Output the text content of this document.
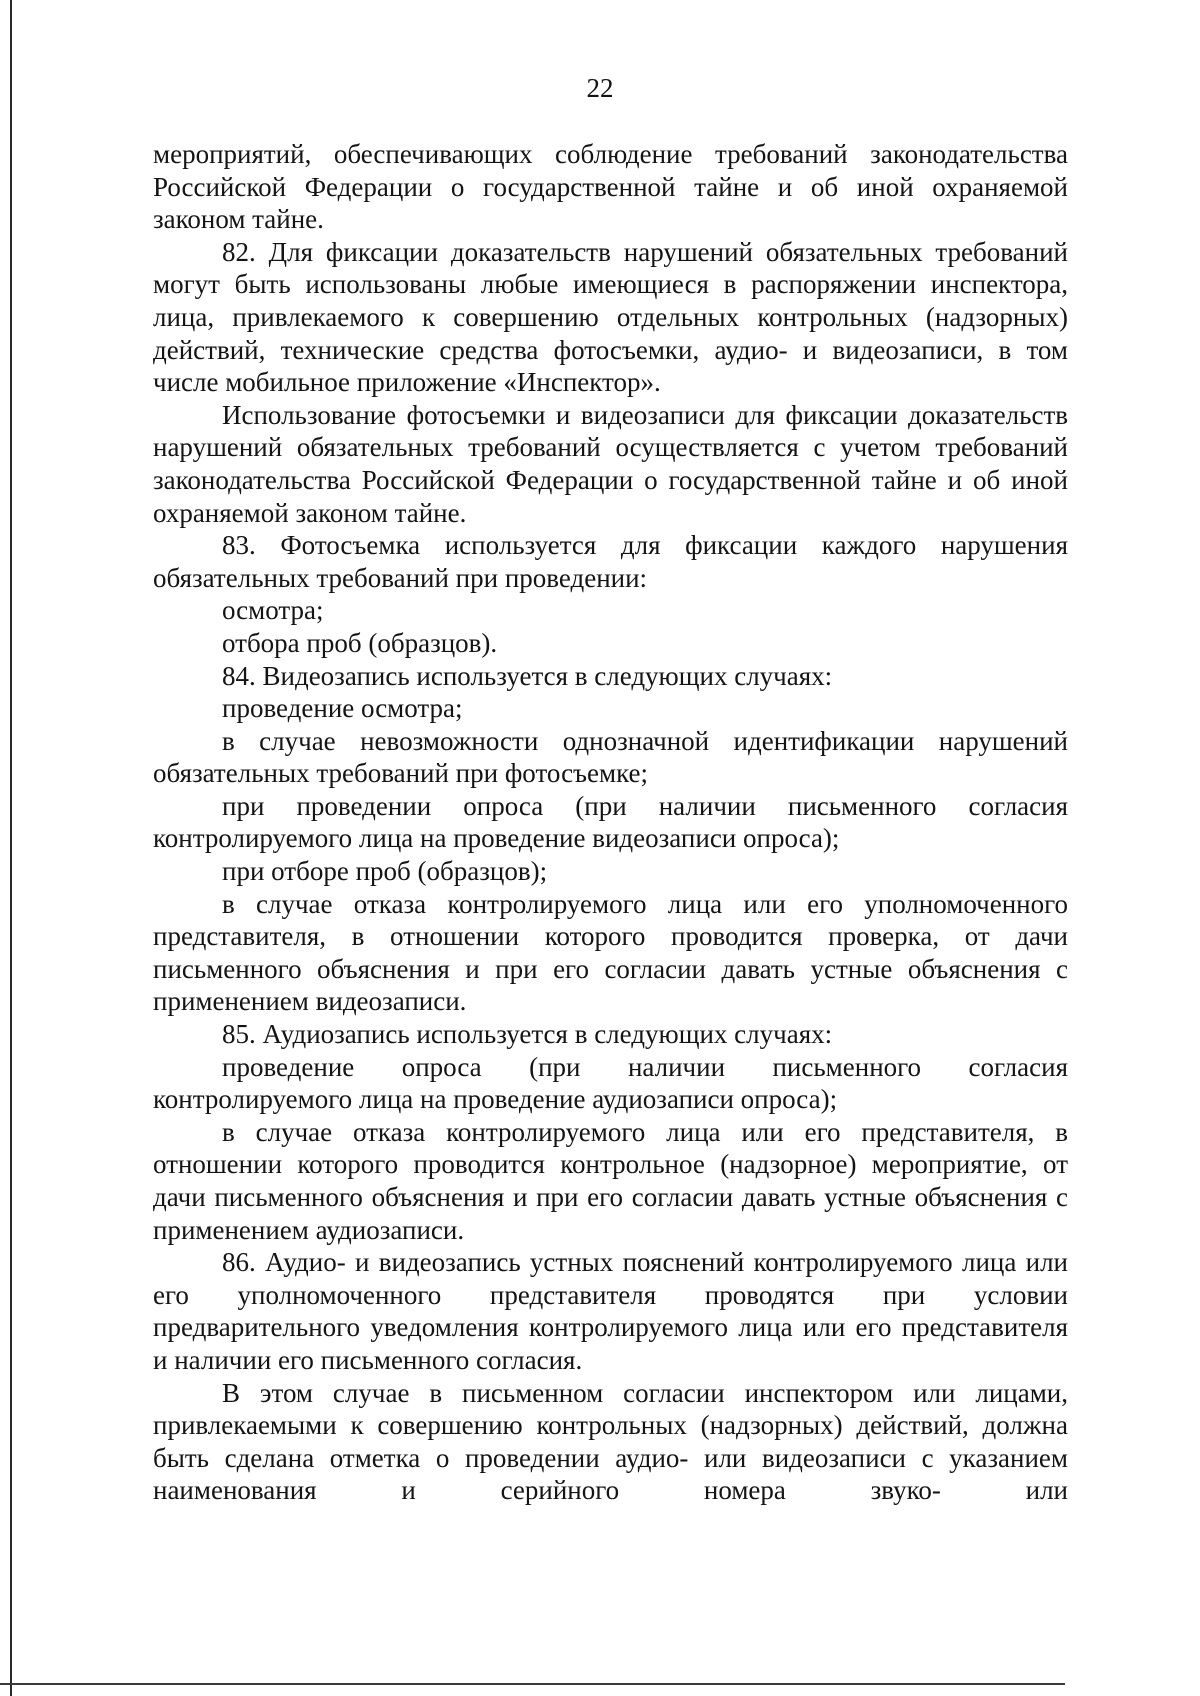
22

мероприятий, обеспечивающих соблюдение требований законодательства Российской Федерации о государственной тайне и об иной охраняемой законом тайне.

82. Для фиксации доказательств нарушений обязательных требований могут быть использованы любые имеющиеся в распоряжении инспектора, лица, привлекаемого к совершению отдельных контрольных (надзорных) действий, технические средства фотосъемки, аудио- и видеозаписи, в том числе мобильное приложение «Инспектор».

Использование фотосъемки и видеозаписи для фиксации доказательств нарушений обязательных требований осуществляется с учетом требований законодательства Российской Федерации о государственной тайне и об иной охраняемой законом тайне.

83. Фотосъемка используется для фиксации каждого нарушения обязательных требований при проведении:

осмотра;

отбора проб (образцов).

84. Видеозапись используется в следующих случаях:

проведение осмотра;

в случае невозможности однозначной идентификации нарушений обязательных требований при фотосъемке;

при проведении опроса (при наличии письменного согласия контролируемого лица на проведение видеозаписи опроса);

при отборе проб (образцов);

в случае отказа контролируемого лица или его уполномоченного представителя, в отношении которого проводится проверка, от дачи письменного объяснения и при его согласии давать устные объяснения с применением видеозаписи.

85. Аудиозапись используется в следующих случаях:

проведение опроса (при наличии письменного согласия контролируемого лица на проведение аудиозаписи опроса);

в случае отказа контролируемого лица или его представителя, в отношении которого проводится контрольное (надзорное) мероприятие, от дачи письменного объяснения и при его согласии давать устные объяснения с применением аудиозаписи.

86. Аудио- и видеозапись устных пояснений контролируемого лица или его уполномоченного представителя проводятся при условии предварительного уведомления контролируемого лица или его представителя и наличии его письменного согласия.

В этом случае в письменном согласии инспектором или лицами, привлекаемыми к совершению контрольных (надзорных) действий, должна быть сделана отметка о проведении аудио- или видеозаписи с указанием наименования и серийного номера звуко- или
